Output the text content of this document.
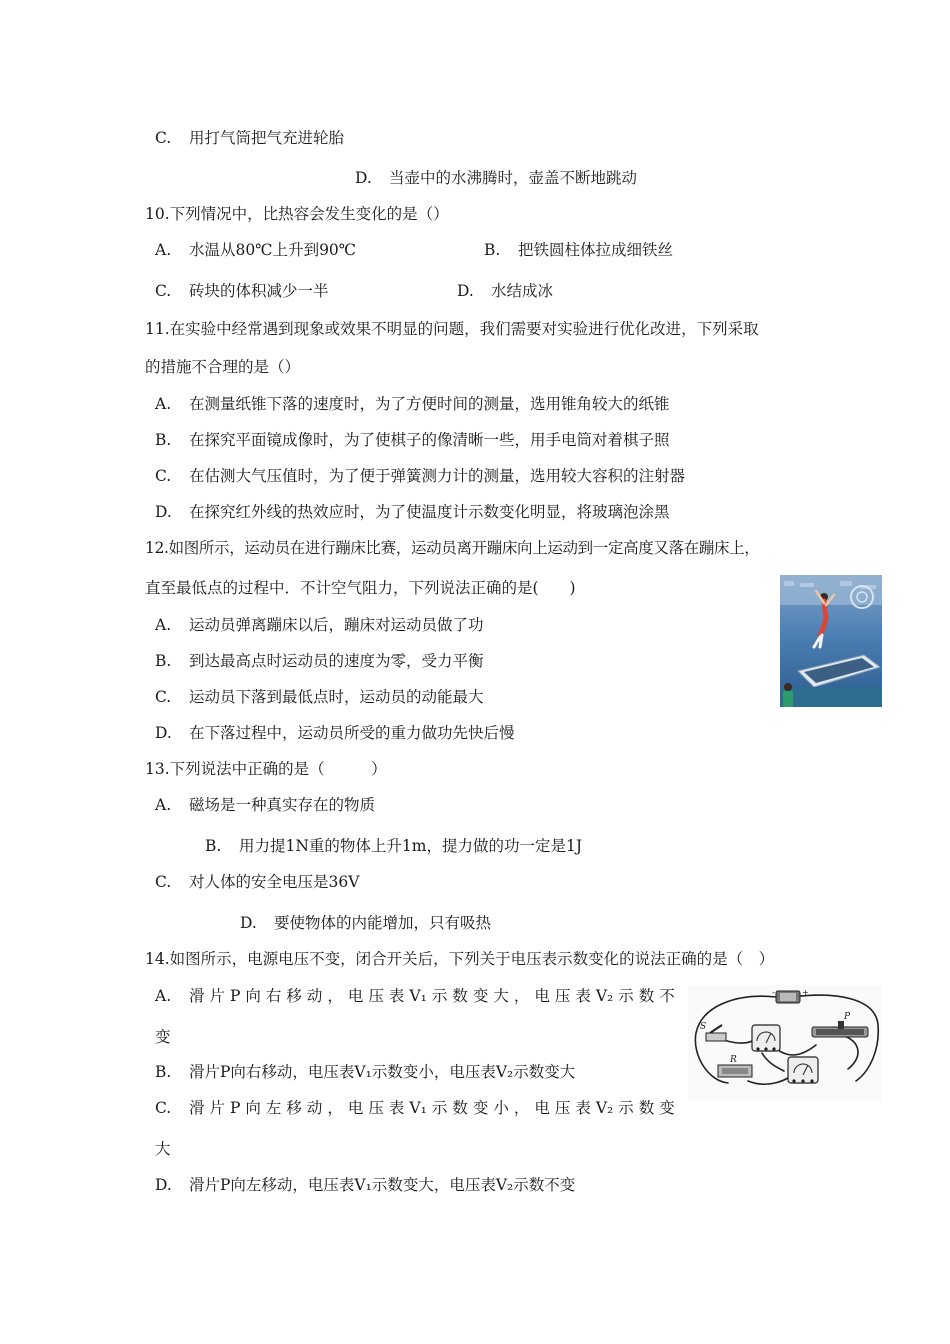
C. 用打气筒把气充进轮胎
D. 当壶中的水沸腾时，壶盖不断地跳动
10.下列情况中，比热容会发生变化的是（）
A. 水温从80℃上升到90℃	B. 把铁圆柱体拉成细铁丝
C. 砖块的体积减少一半	D. 水结成冰
11.在实验中经常遇到现象或效果不明显的问题，我们需要对实验进行优化改进，下列采取
的措施不合理的是（）
A. 在测量纸锥下落的速度时，为了方便时间的测量，选用锥角较大的纸锥
B. 在探究平面镜成像时，为了使棋子的像清晰一些，用手电筒对着棋子照
C. 在估测大气压值时，为了便于弹簧测力计的测量，选用较大容积的注射器
D. 在探究红外线的热效应时，为了使温度计示数变化明显，将玻璃泡涂黑
12.如图所示，运动员在进行蹦床比赛，运动员离开蹦床向上运动到一定高度又落在蹦床上，
直至最低点的过程中．不计空气阻力，下列说法正确的是(　　)
A. 运动员弹离蹦床以后，蹦床对运动员做了功
B. 到达最高点时运动员的速度为零，受力平衡
C. 运动员下落到最低点时，运动员的动能最大
D. 在下落过程中，运动员所受的重力做功先快后慢
13.下列说法中正确的是（　　　）
A. 磁场是一种真实存在的物质
B. 用力提1N重的物体上升1m，提力做的功一定是1J
C. 对人体的安全电压是36V
D. 要使物体的内能增加，只有吸热
14.如图所示，电源电压不变，闭合开关后，下列关于电压表示数变化的说法正确的是（　）
A.	滑 片 P 向 右 移 动 ， 电 压 表 V₁ 示 数 变 大 ， 电 压 表 V₂ 示 数 不
变
B. 滑片P向右移动，电压表V₁示数变小，电压表V₂示数变大
C.	滑 片 P 向 左 移 动 ， 电 压 表 V₁ 示 数 变 小 ， 电 压 表 V₂ 示 数 变
大
D. 滑片P向左移动，电压表V₁示数变大，电压表V₂示数不变
-	+
S
P
R
